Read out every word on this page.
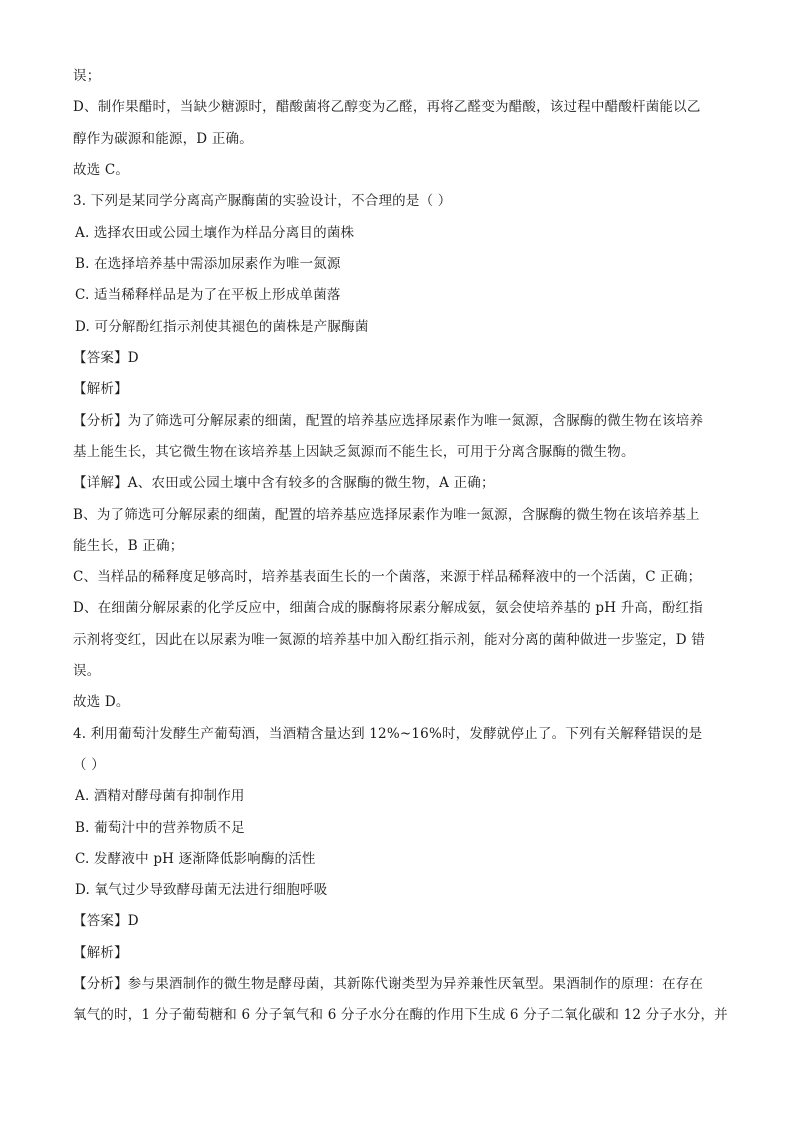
误；
D、制作果醋时，当缺少糖源时，醋酸菌将乙醇变为乙醛，再将乙醛变为醋酸，该过程中醋酸杆菌能以乙
醇作为碳源和能源，D 正确。
故选 C。
3. 下列是某同学分离高产脲酶菌的实验设计，不合理的是（ ）
A. 选择农田或公园土壤作为样品分离目的菌株
B. 在选择培养基中需添加尿素作为唯一氮源
C. 适当稀释样品是为了在平板上形成单菌落
D. 可分解酚红指示剂使其褪色的菌株是产脲酶菌
【答案】D
【解析】
【分析】为了筛选可分解尿素的细菌，配置的培养基应选择尿素作为唯一氮源，含脲酶的微生物在该培养
基上能生长，其它微生物在该培养基上因缺乏氮源而不能生长，可用于分离含脲酶的微生物。
【详解】A、农田或公园土壤中含有较多的含脲酶的微生物，A 正确；
B、为了筛选可分解尿素的细菌，配置的培养基应选择尿素作为唯一氮源，含脲酶的微生物在该培养基上
能生长，B 正确；
C、当样品的稀释度足够高时，培养基表面生长的一个菌落，来源于样品稀释液中的一个活菌，C 正确；
D、在细菌分解尿素的化学反应中，细菌合成的脲酶将尿素分解成氨，氨会使培养基的 pH 升高，酚红指
示剂将变红，因此在以尿素为唯一氮源的培养基中加入酚红指示剂，能对分离的菌种做进一步鉴定，D 错
误。
故选 D。
4. 利用葡萄汁发酵生产葡萄酒，当酒精含量达到 12%~16%时，发酵就停止了。下列有关解释错误的是
（ ）
A. 酒精对酵母菌有抑制作用
B. 葡萄汁中的营养物质不足
C. 发酵液中 pH 逐渐降低影响酶的活性
D. 氧气过少导致酵母菌无法进行细胞呼吸
【答案】D
【解析】
【分析】参与果酒制作的微生物是酵母菌，其新陈代谢类型为异养兼性厌氧型。果酒制作的原理：在存在
氧气的时，1 分子葡萄糖和 6 分子氧气和 6 分子水分在酶的作用下生成 6 分子二氧化碳和 12 分子水分，并
